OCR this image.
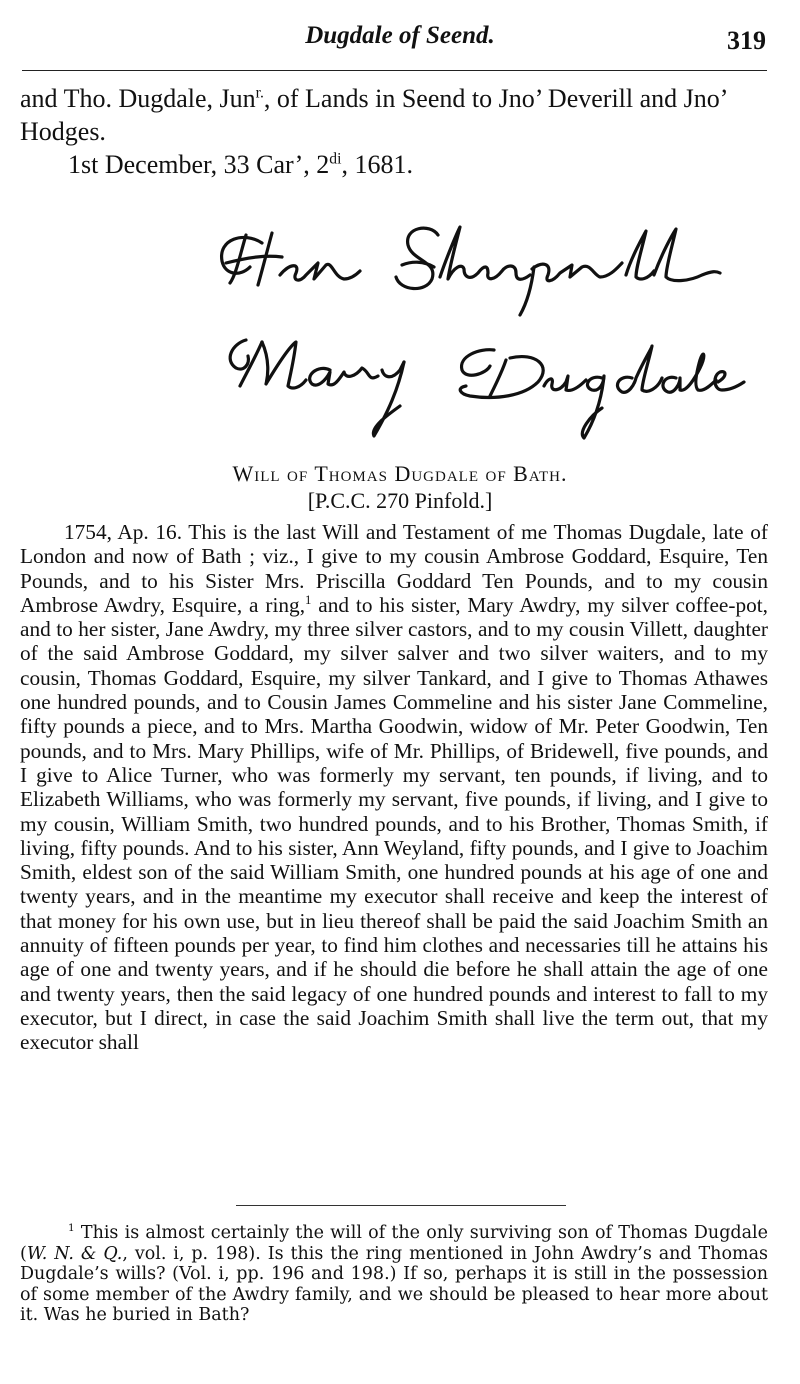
Dugdale of Seend.	319

and Tho. Dugdale, Jun$^{r.}$, of Lands in Seend to Jno’ Deverill and Jno’ Hodges.

1st December, 33 Car’, $2^{di}$, 1681.

Will of Thomas Dugdale of Bath.
[P.C.C. 270 Pinfold.]

1754, Ap. 16. This is the last Will and Testament of me Thomas Dugdale, late of London and now of Bath ; viz., I give to my cousin Ambrose Goddard, Esquire, Ten Pounds, and to his Sister Mrs. Priscilla Goddard Ten Pounds, and to my cousin Ambrose Awdry, Esquire, a ring,$^1$ and to his sister, Mary Awdry, my silver coffee-pot, and to her sister, Jane Awdry, my three silver castors, and to my cousin Villett, daughter of the said Ambrose Goddard, my silver salver and two silver waiters, and to my cousin, Thomas Goddard, Esquire, my silver Tankard, and I give to Thomas Athawes one hundred pounds, and to Cousin James Commeline and his sister Jane Commeline, fifty pounds a piece, and to Mrs. Martha Goodwin, widow of Mr. Peter Goodwin, Ten pounds, and to Mrs. Mary Phillips, wife of Mr. Phillips, of Bridewell, five pounds, and I give to Alice Turner, who was formerly my servant, ten pounds, if living, and to Elizabeth Williams, who was formerly my servant, five pounds, if living, and I give to my cousin, William Smith, two hundred pounds, and to his Brother, Thomas Smith, if living, fifty pounds. And to his sister, Ann Weyland, fifty pounds, and I give to Joachim Smith, eldest son of the said William Smith, one hundred pounds at his age of one and twenty years, and in the meantime my executor shall receive and keep the interest of that money for his own use, but in lieu thereof shall be paid the said Joachim Smith an annuity of fifteen pounds per year, to find him clothes and necessaries till he attains his age of one and twenty years, and if he should die before he shall attain the age of one and twenty years, then the said legacy of one hundred pounds and interest to fall to my executor, but I direct, in case the said Joachim Smith shall live the term out, that my executor shall

$^1$ This is almost certainly the will of the only surviving son of Thomas Dugdale (W. N. & Q., vol. i, p. 198). Is this the ring mentioned in John Awdry’s and Thomas Dugdale’s wills? (Vol. i, pp. 196 and 198.) If so, perhaps it is still in the possession of some member of the Awdry family, and we should be pleased to hear more about it. Was he buried in Bath?
